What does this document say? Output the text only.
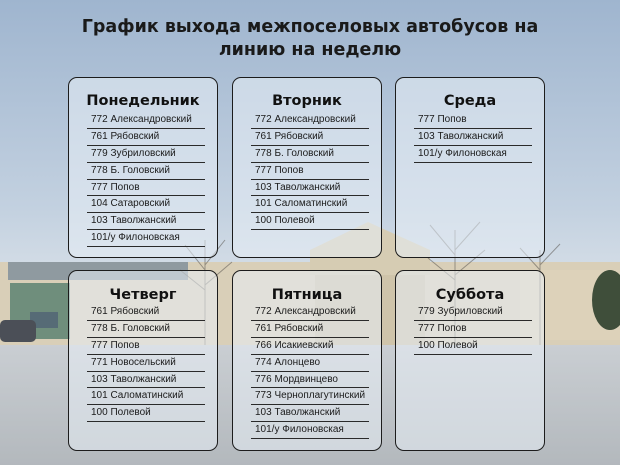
График выхода межпоселовых автобусов на
линию на неделю
Понедельник
772 Александровский
761 Рябовский
779 Зубриловский
778 Б. Головский
777 Попов
104 Сатаровский
103 Таволжанский
101/у Филоновская
Вторник
772 Александровский
761 Рябовский
778 Б. Головский
777 Попов
103 Таволжанский
101 Саломатинский
100 Полевой
Среда
777 Попов
103 Таволжанский
101/у Филоновская
Четверг
761 Рябовский
778 Б. Головский
777 Попов
771 Новосельский
103 Таволжанский
101 Саломатинский
100 Полевой
Пятница
772 Александровский
761 Рябовский
766 Исакиевский
774 Алонцево
776 Мордвинцево
773 Черноплагутинский
103 Таволжанский
101/у Филоновская
Суббота
779 Зубриловский
777 Попов
100 Полевой
